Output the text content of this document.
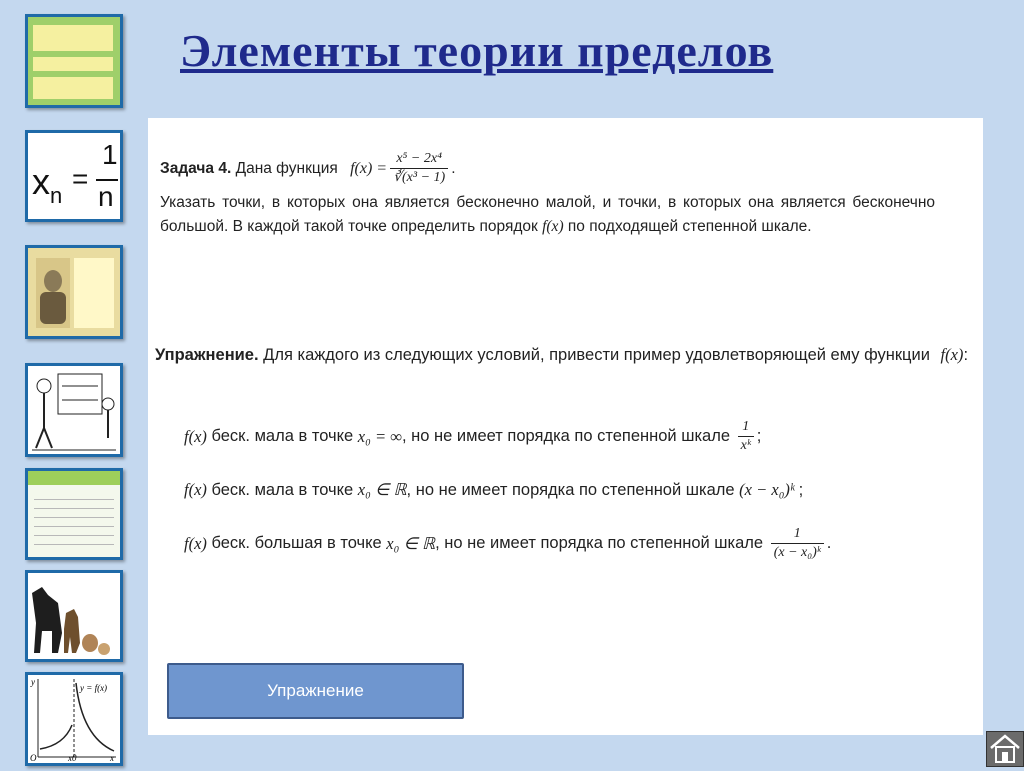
Элементы теории пределов
x n
=
1
n
y
y = f(x)
O	x0	x
Задача 4. Дана функция $f(x) = \frac{\text{x⁵ − 2x⁴}}{\text{∛(x³ − 1)}}$ .
Указать точки, в которых она является бесконечно малой, и точки, в которых она является бесконечно большой. В каждой такой точке определить порядок f(x) по подходящей степенной шкале.
Упражнение. Для каждого из следующих условий, привести пример удовлетворяющей ему функции f(x):
f(x) беск. мала в точке x₀ = ∞ , но не имеет порядка по степенной шкале $\frac{1}{\text{xᵏ}}$ ;
f(x) беск. мала в точке x₀ ∈ ℝ , но не имеет порядка по степенной шкале (x − x₀)ᵏ ;
f(x) беск. большая в точке x₀ ∈ ℝ , но не имеет порядка по степенной шкале $\frac{1}{\text{(x − x₀)ᵏ}}$ .
Упражнение
